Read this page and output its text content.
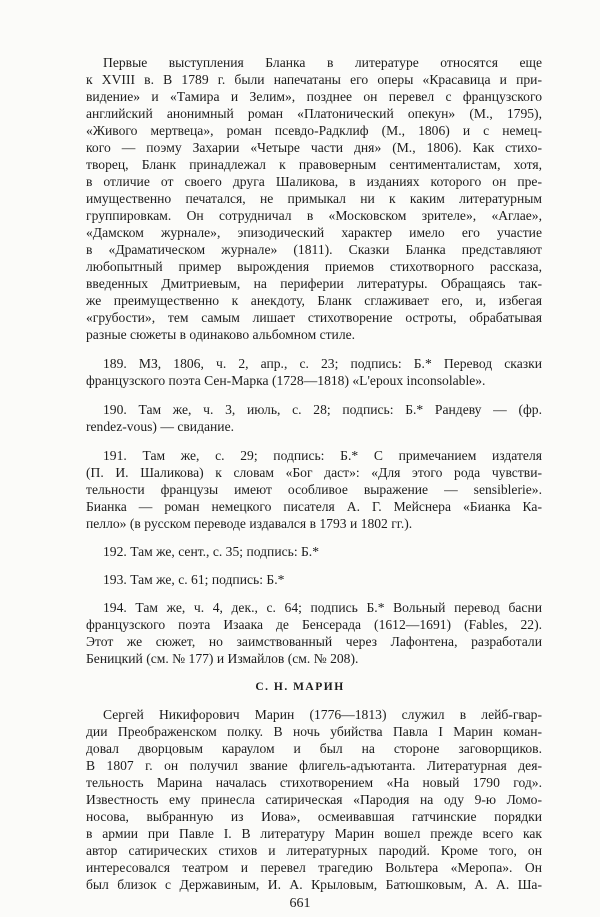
Первые выступления Бланка в литературе относятся еще
к XVIII в. В 1789 г. были напечатаны его оперы «Красавица и при-
видение» и «Тамира и Зелим», позднее он перевел с французского
английский анонимный роман «Платонический опекун» (М., 1795),
«Живого мертвеца», роман псевдо-Радклиф (М., 1806) и с немец-
кого — поэму Захарии «Четыре части дня» (М., 1806). Как стихо-
творец, Бланк принадлежал к правоверным сентименталистам, хотя,
в отличие от своего друга Шаликова, в изданиях которого он пре-
имущественно печатался, не примыкал ни к каким литературным
группировкам. Он сотрудничал в «Московском зрителе», «Аглае»,
«Дамском журнале», эпизодический характер имело его участие
в «Драматическом журнале» (1811). Сказки Бланка представляют
любопытный пример вырождения приемов стихотворного рассказа,
введенных Дмитриевым, на периферии литературы. Обращаясь так-
же преимущественно к анекдоту, Бланк сглаживает его, и, избегая
«грубости», тем самым лишает стихотворение остроты, обрабатывая
разные сюжеты в одинаково альбомном стиле.
189. МЗ, 1806, ч. 2, апр., с. 23; подпись: Б.* Перевод сказки
французского поэта Сен-Марка (1728—1818) «L'epoux inconsolable».
190. Там же, ч. 3, июль, с. 28; подпись: Б.* Рандеву — (фр.
rendez-vous) — свидание.
191. Там же, с. 29; подпись: Б.* С примечанием издателя
(П. И. Шаликова) к словам «Бог даст»: «Для этого рода чувстви-
тельности французы имеют особливое выражение — sensiblerie».
Бианка — роман немецкого писателя А. Г. Мейснера «Бианка Ка-
пелло» (в русском переводе издавался в 1793 и 1802 гг.).
192. Там же, сент., с. 35; подпись: Б.*
193. Там же, с. 61; подпись: Б.*
194. Там же, ч. 4, дек., с. 64; подпись Б.* Вольный перевод басни
французского поэта Изаака де Бенсерада (1612—1691) (Fables, 22).
Этот же сюжет, но заимствованный через Лафонтена, разработали
Беницкий (см. № 177) и Измайлов (см. № 208).
С. Н. МАРИН
Сергей Никифорович Марин (1776—1813) служил в лейб-гвар-
дии Преображенском полку. В ночь убийства Павла I Марин коман-
довал дворцовым караулом и был на стороне заговорщиков.
В 1807 г. он получил звание флигель-адъютанта. Литературная дея-
тельность Марина началась стихотворением «На новый 1790 год».
Известность ему принесла сатирическая «Пародия на оду 9-ю Ломо-
носова, выбранную из Иова», осмеивавшая гатчинские порядки
в армии при Павле I. В литературу Марин вошел прежде всего как
автор сатирических стихов и литературных пародий. Кроме того, он
интересовался театром и перевел трагедию Вольтера «Меропа». Он
был близок с Державиным, И. А. Крыловым, Батюшковым, А. А. Ша-
661
